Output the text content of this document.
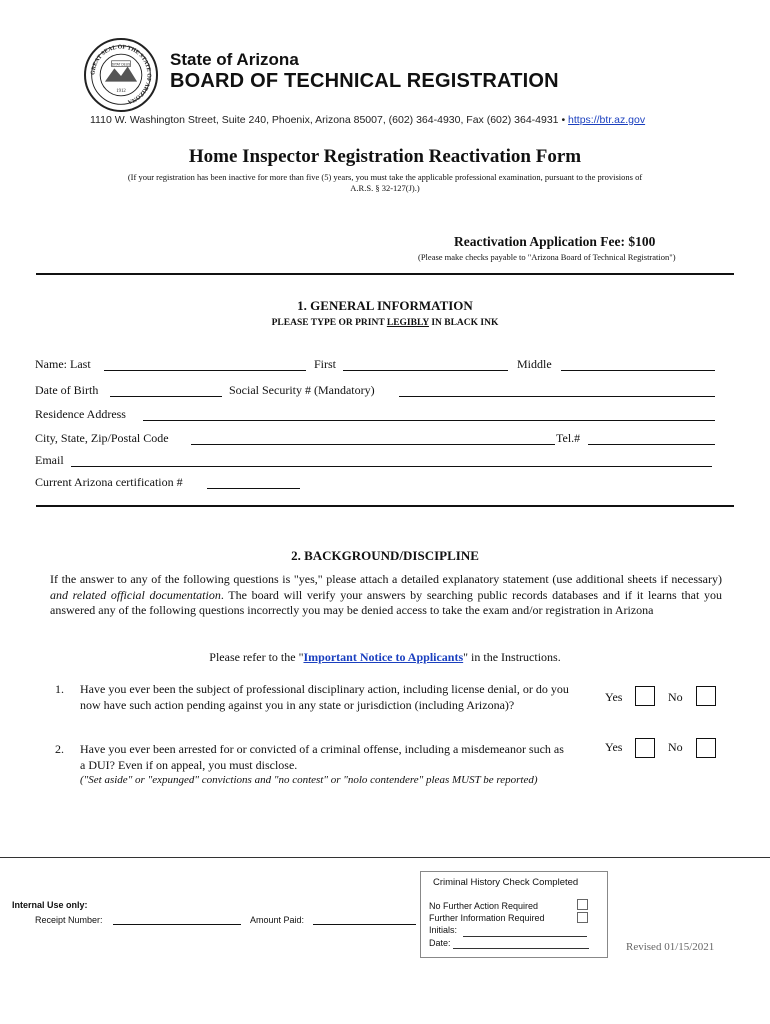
GREAT SEAL OF THE STATE OF ARIZONA
DITAT DEUS
1912
State of Arizona
BOARD OF TECHNICAL REGISTRATION
1110 W. Washington Street, Suite 240, Phoenix, Arizona 85007, (602) 364-4930, Fax (602) 364-4931 • https://btr.az.gov
Home Inspector Registration Reactivation Form
(If your registration has been inactive for more than five (5) years, you must take the applicable professional examination, pursuant to the provisions of A.R.S. § 32-127(J).)
Reactivation Application Fee: $100
(Please make checks payable to "Arizona Board of Technical Registration")
1. GENERAL INFORMATION
PLEASE TYPE OR PRINT LEGIBLY IN BLACK INK
Name: Last	First	Middle
Date of Birth	Social Security # (Mandatory)
Residence Address
City, State, Zip/Postal Code	Tel.#
Email
Current Arizona certification #
2. BACKGROUND/DISCIPLINE
If the answer to any of the following questions is "yes," please attach a detailed explanatory statement (use additional sheets if necessary) and related official documentation. The board will verify your answers by searching public records databases and if it learns that you answered any of the following questions incorrectly you may be denied access to take the exam and/or registration in Arizona
Please refer to the "Important Notice to Applicants" in the Instructions.
1. Have you ever been the subject of professional disciplinary action, including license denial, or do you now have such action pending against you in any state or jurisdiction (including Arizona)?
Yes	No
2. Have you ever been arrested for or convicted of a criminal offense, including a misdemeanor such as a DUI? Even if on appeal, you must disclose.
("Set aside" or "expunged" convictions and "no contest" or "nolo contendere" pleas MUST be reported)
Yes	No
Internal Use only:
Receipt Number:	Amount Paid:
Criminal History Check Completed
No Further Action Required
Further Information Required
Initials:
Date:	Revised 01/15/2021
